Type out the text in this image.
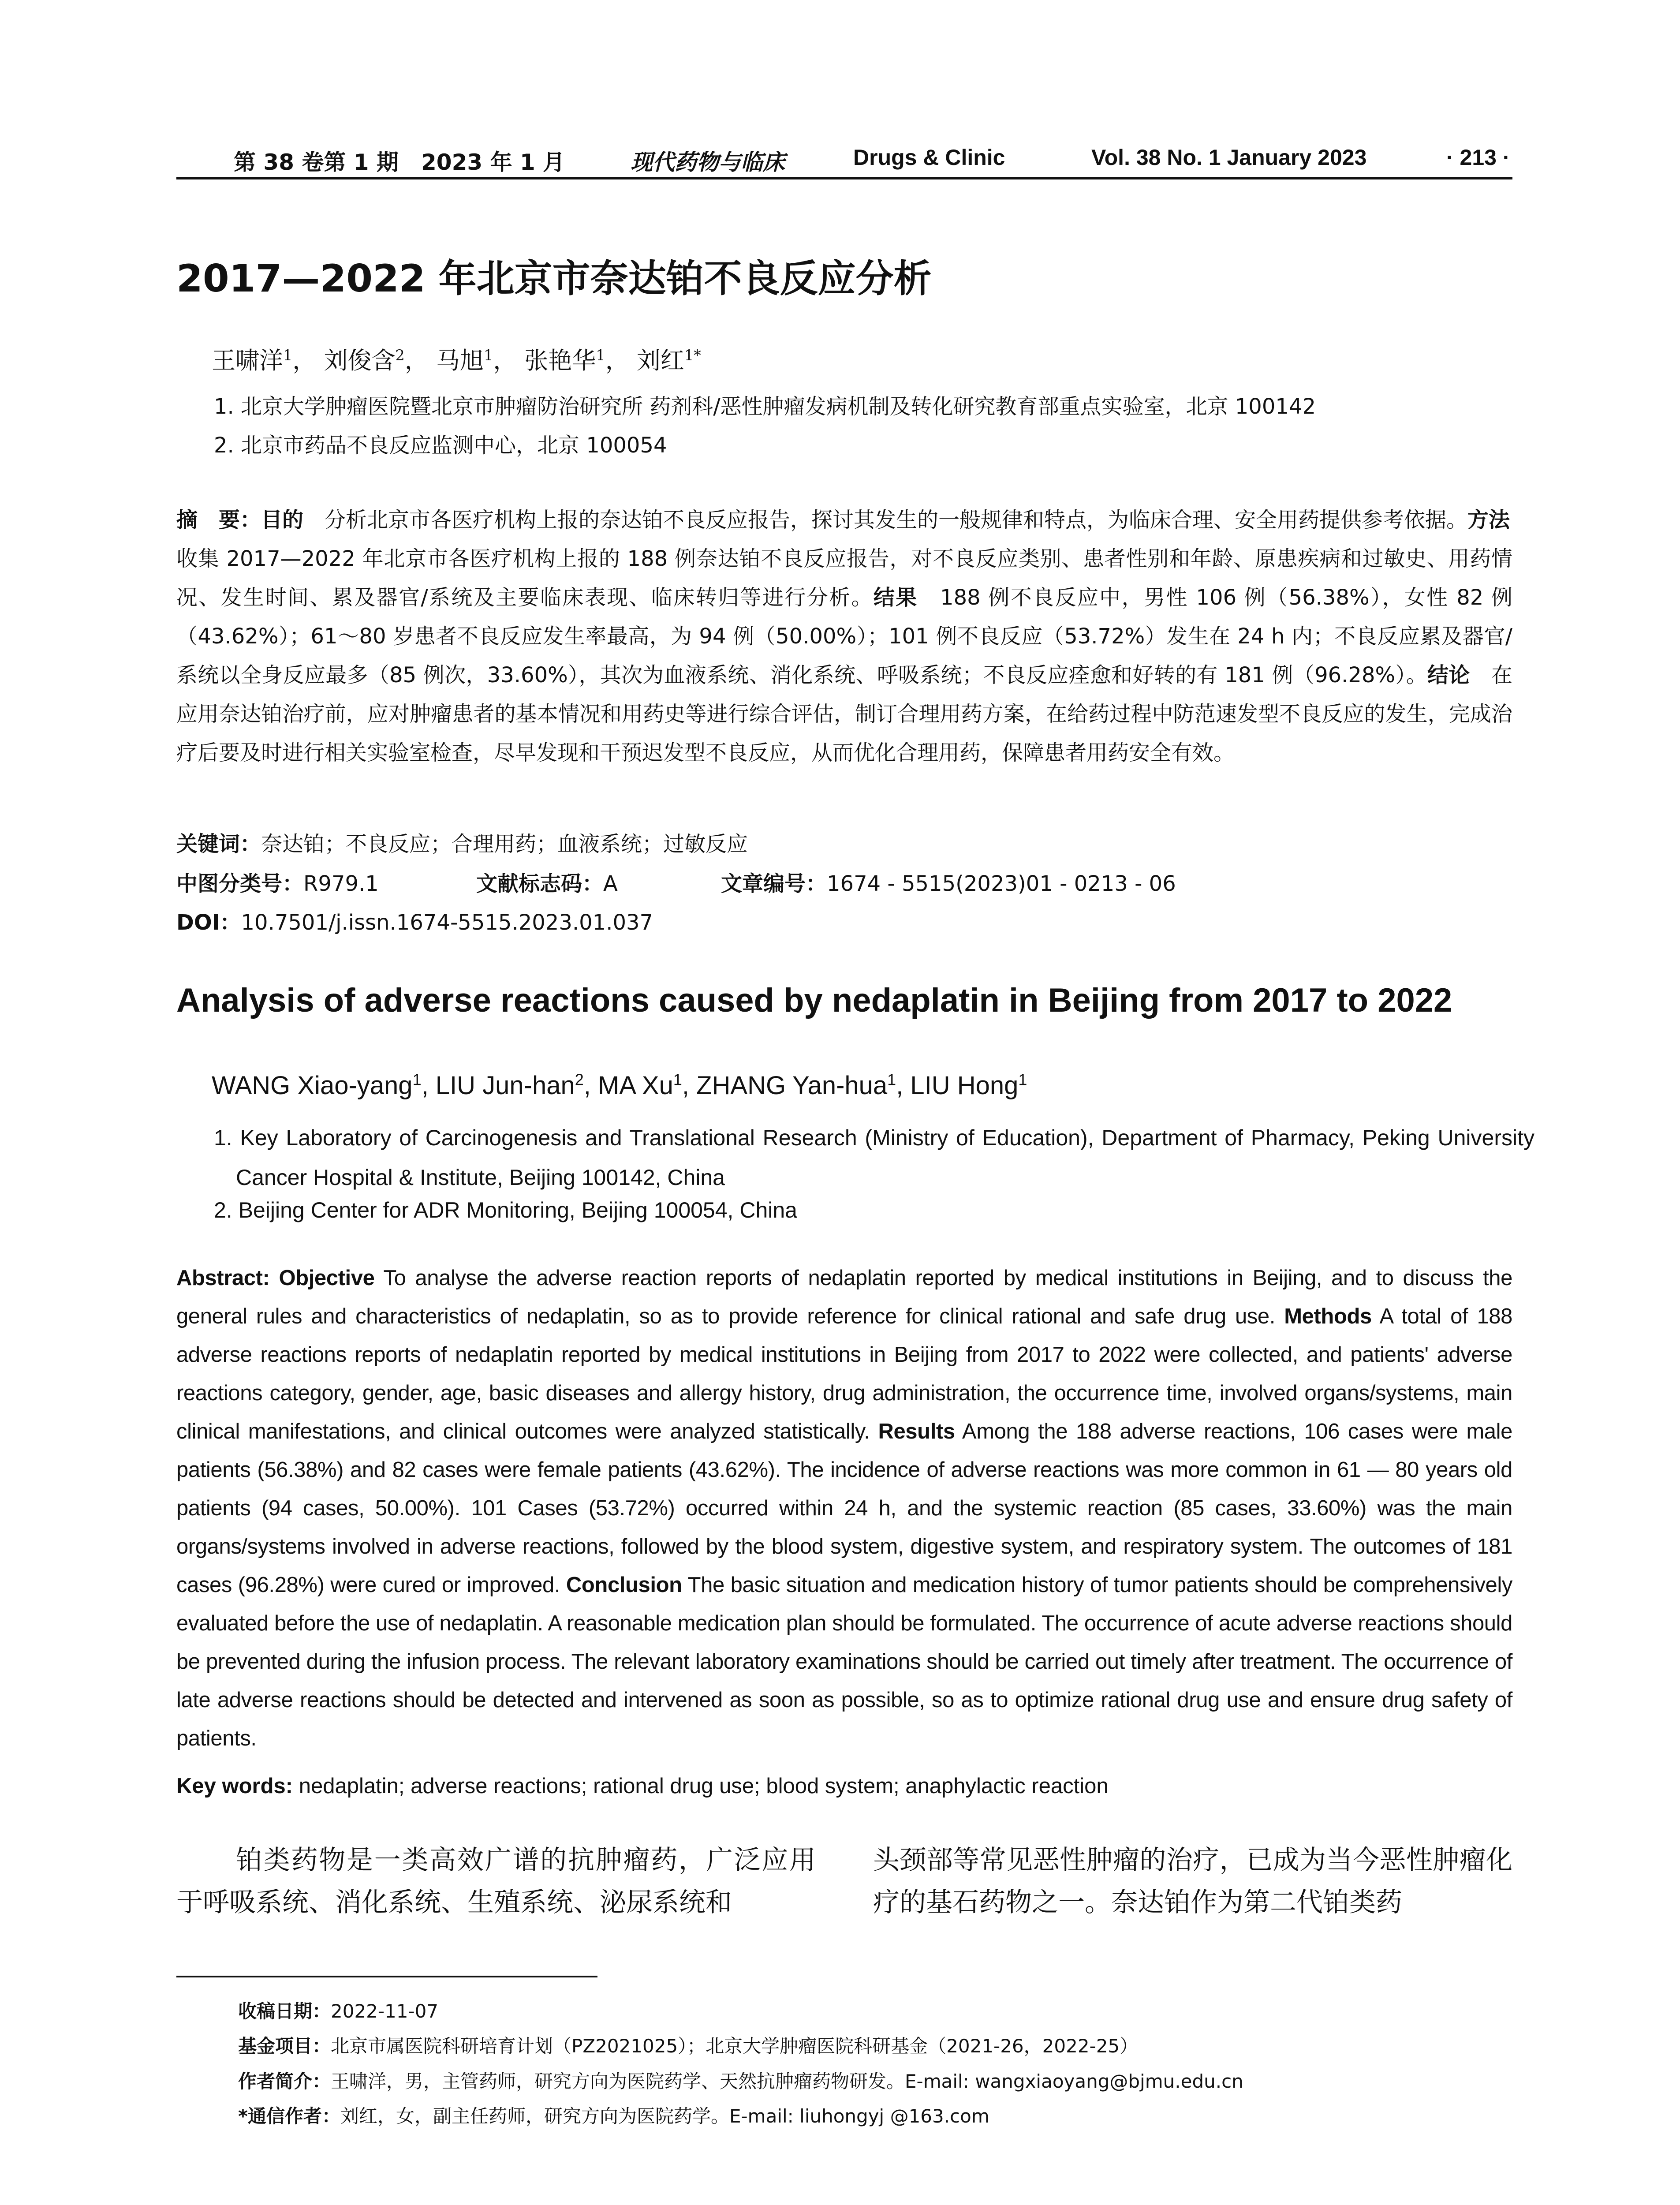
第 38 卷第 1 期 2023 年 1 月	现代药物与临床	Drugs & Clinic	Vol. 38 No. 1 January 2023	· 213 ·
2017—2022 年北京市奈达铂不良反应分析
王啸洋$^1$， 刘俊含$^2$， 马旭$^1$， 张艳华$^1$， 刘红$^{1*}$
1. 北京大学肿瘤医院暨北京市肿瘤防治研究所 药剂科/恶性肿瘤发病机制及转化研究教育部重点实验室，北京 100142
2. 北京市药品不良反应监测中心，北京 100054
摘　要：目的　分析北京市各医疗机构上报的奈达铂不良反应报告，探讨其发生的一般规律和特点，为临床合理、安全用药提供参考依据。方法　收集 2017—2022 年北京市各医疗机构上报的 188 例奈达铂不良反应报告，对不良反应类别、患者性别和年龄、原患疾病和过敏史、用药情况、发生时间、累及器官/系统及主要临床表现、临床转归等进行分析。结果　188 例不良反应中，男性 106 例（56.38%），女性 82 例（43.62%）；61～80 岁患者不良反应发生率最高，为 94 例（50.00%）；101 例不良反应（53.72%）发生在 24 h 内；不良反应累及器官/系统以全身反应最多（85 例次，33.60%），其次为血液系统、消化系统、呼吸系统；不良反应痊愈和好转的有 181 例（96.28%）。结论　在应用奈达铂治疗前，应对肿瘤患者的基本情况和用药史等进行综合评估，制订合理用药方案，在给药过程中防范速发型不良反应的发生，完成治疗后要及时进行相关实验室检查，尽早发现和干预迟发型不良反应，从而优化合理用药，保障患者用药安全有效。
关键词：奈达铂；不良反应；合理用药；血液系统；过敏反应
中图分类号：R979.1	文献标志码：A	文章编号：1674 - 5515(2023)01 - 0213 - 06
DOI：10.7501/j.issn.1674-5515.2023.01.037
Analysis of adverse reactions caused by nedaplatin in Beijing from 2017 to 2022
WANG Xiao-yang$^1$, LIU Jun-han$^2$, MA Xu$^1$, ZHANG Yan-hua$^1$, LIU Hong$^1$
1. Key Laboratory of Carcinogenesis and Translational Research (Ministry of Education), Department of Pharmacy, Peking University Cancer Hospital & Institute, Beijing 100142, China
2. Beijing Center for ADR Monitoring, Beijing 100054, China
Abstract: Objective To analyse the adverse reaction reports of nedaplatin reported by medical institutions in Beijing, and to discuss the general rules and characteristics of nedaplatin, so as to provide reference for clinical rational and safe drug use. Methods A total of 188 adverse reactions reports of nedaplatin reported by medical institutions in Beijing from 2017 to 2022 were collected, and patients' adverse reactions category, gender, age, basic diseases and allergy history, drug administration, the occurrence time, involved organs/systems, main clinical manifestations, and clinical outcomes were analyzed statistically. Results Among the 188 adverse reactions, 106 cases were male patients (56.38%) and 82 cases were female patients (43.62%). The incidence of adverse reactions was more common in 61 — 80 years old patients (94 cases, 50.00%). 101 Cases (53.72%) occurred within 24 h, and the systemic reaction (85 cases, 33.60%) was the main organs/systems involved in adverse reactions, followed by the blood system, digestive system, and respiratory system. The outcomes of 181 cases (96.28%) were cured or improved. Conclusion The basic situation and medication history of tumor patients should be comprehensively evaluated before the use of nedaplatin. A reasonable medication plan should be formulated. The occurrence of acute adverse reactions should be prevented during the infusion process. The relevant laboratory examinations should be carried out timely after treatment. The occurrence of late adverse reactions should be detected and intervened as soon as possible, so as to optimize rational drug use and ensure drug safety of patients.
Key words: nedaplatin; adverse reactions; rational drug use; blood system; anaphylactic reaction
铂类药物是一类高效广谱的抗肿瘤药，广泛应用于呼吸系统、消化系统、生殖系统、泌尿系统和
头颈部等常见恶性肿瘤的治疗，已成为当今恶性肿瘤化疗的基石药物之一。奈达铂作为第二代铂类药
收稿日期：2022-11-07
基金项目：北京市属医院科研培育计划（PZ2021025）；北京大学肿瘤医院科研基金（2021-26，2022-25）
作者简介：王啸洋，男，主管药师，研究方向为医院药学、天然抗肿瘤药物研发。E-mail: wangxiaoyang@bjmu.edu.cn
*通信作者：刘红，女，副主任药师，研究方向为医院药学。E-mail: liuhongyj @163.com
